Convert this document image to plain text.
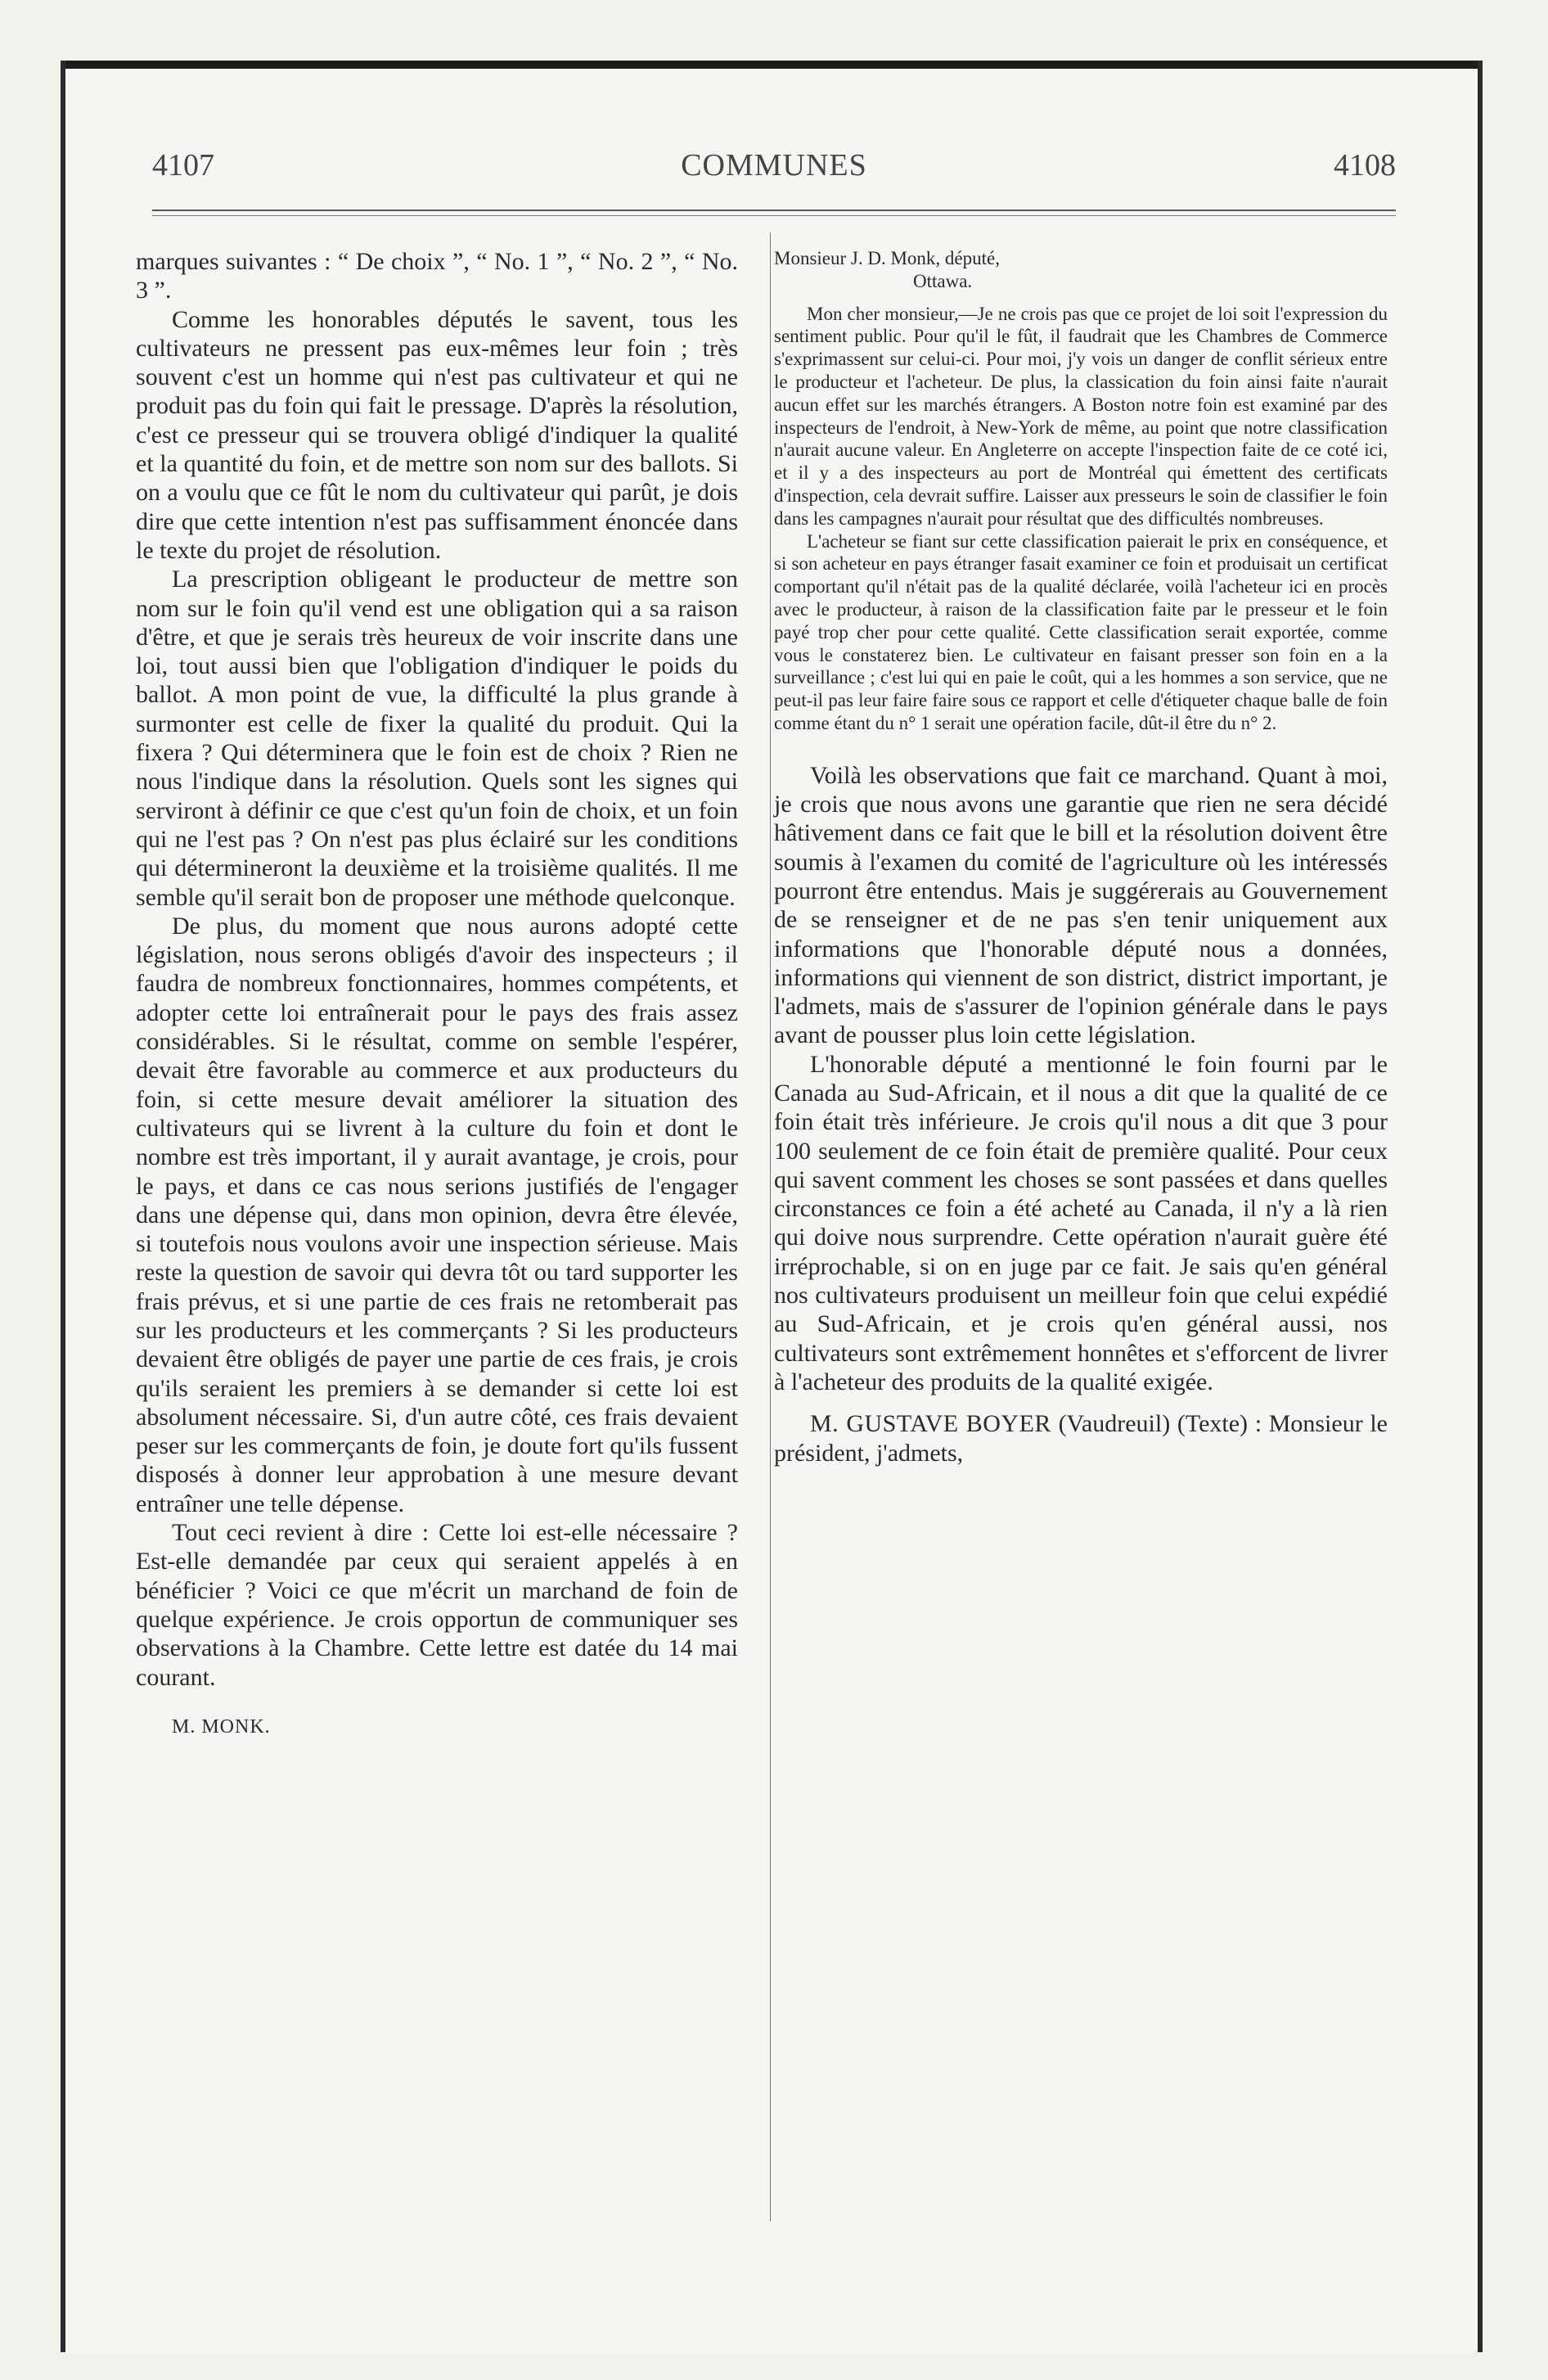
4107	COMMUNES	4108

marques suivantes : “ De choix ”, “ No. 1 ”, “ No. 2 ”, “ No. 3 ”.

Comme les honorables députés le savent, tous les cultivateurs ne pressent pas eux-mêmes leur foin ; très souvent c'est un homme qui n'est pas cultivateur et qui ne produit pas du foin qui fait le pressage. D'après la résolution, c'est ce presseur qui se trouvera obligé d'indiquer la qualité et la quantité du foin, et de mettre son nom sur des ballots. Si on a voulu que ce fût le nom du cultivateur qui parût, je dois dire que cette intention n'est pas suffisamment énoncée dans le texte du projet de résolution.

La prescription obligeant le producteur de mettre son nom sur le foin qu'il vend est une obligation qui a sa raison d'être, et que je serais très heureux de voir inscrite dans une loi, tout aussi bien que l'obligation d'indiquer le poids du ballot. A mon point de vue, la difficulté la plus grande à surmonter est celle de fixer la qualité du produit. Qui la fixera ? Qui déterminera que le foin est de choix ? Rien ne nous l'indique dans la résolution. Quels sont les signes qui serviront à définir ce que c'est qu'un foin de choix, et un foin qui ne l'est pas ? On n'est pas plus éclairé sur les conditions qui détermineront la deuxième et la troisième qualités. Il me semble qu'il serait bon de proposer une méthode quelconque.

De plus, du moment que nous aurons adopté cette législation, nous serons obligés d'avoir des inspecteurs ; il faudra de nombreux fonctionnaires, hommes compétents, et adopter cette loi entraînerait pour le pays des frais assez considérables. Si le résultat, comme on semble l'espérer, devait être favorable au commerce et aux producteurs du foin, si cette mesure devait améliorer la situation des cultivateurs qui se livrent à la culture du foin et dont le nombre est très important, il y aurait avantage, je crois, pour le pays, et dans ce cas nous serions justifiés de l'engager dans une dépense qui, dans mon opinion, devra être élevée, si toutefois nous voulons avoir une inspection sérieuse. Mais reste la question de savoir qui devra tôt ou tard supporter les frais prévus, et si une partie de ces frais ne retomberait pas sur les producteurs et les commerçants ? Si les producteurs devaient être obligés de payer une partie de ces frais, je crois qu'ils seraient les premiers à se demander si cette loi est absolument nécessaire. Si, d'un autre côté, ces frais devaient peser sur les commerçants de foin, je doute fort qu'ils fussent disposés à donner leur approbation à une mesure devant entraîner une telle dépense.

Tout ceci revient à dire : Cette loi est-elle nécessaire ? Est-elle demandée par ceux qui seraient appelés à en bénéficier ? Voici ce que m'écrit un marchand de foin de quelque expérience. Je crois opportun de communiquer ses observations à la Chambre. Cette lettre est datée du 14 mai courant.

M. MONK.
Monsieur J. D. Monk, député,
Ottawa.

Mon cher monsieur,—Je ne crois pas que ce projet de loi soit l'expression du sentiment public. Pour qu'il le fût, il faudrait que les Chambres de Commerce s'exprimassent sur celui-ci. Pour moi, j'y vois un danger de conflit sérieux entre le producteur et l'acheteur. De plus, la classication du foin ainsi faite n'aurait aucun effet sur les marchés étrangers. A Boston notre foin est examiné par des inspecteurs de l'endroit, à New-York de même, au point que notre classification n'aurait aucune valeur. En Angleterre on accepte l'inspection faite de ce coté ici, et il y a des inspecteurs au port de Montréal qui émettent des certificats d'inspection, cela devrait suffire. Laisser aux presseurs le soin de classifier le foin dans les campagnes n'aurait pour résultat que des difficultés nombreuses.

L'acheteur se fiant sur cette classification paierait le prix en conséquence, et si son acheteur en pays étranger fasait examiner ce foin et produisait un certificat comportant qu'il n'était pas de la qualité déclarée, voilà l'acheteur ici en procès avec le producteur, à raison de la classification faite par le presseur et le foin payé trop cher pour cette qualité. Cette classification serait exportée, comme vous le constaterez bien. Le cultivateur en faisant presser son foin en a la surveillance ; c'est lui qui en paie le coût, qui a les hommes a son service, que ne peut-il pas leur faire faire sous ce rapport et celle d'étiqueter chaque balle de foin comme étant du n° 1 serait une opération facile, dût-il être du n° 2.

Voilà les observations que fait ce marchand. Quant à moi, je crois que nous avons une garantie que rien ne sera décidé hâtivement dans ce fait que le bill et la résolution doivent être soumis à l'examen du comité de l'agriculture où les intéressés pourront être entendus. Mais je suggérerais au Gouvernement de se renseigner et de ne pas s'en tenir uniquement aux informations que l'honorable député nous a données, informations qui viennent de son district, district important, je l'admets, mais de s'assurer de l'opinion générale dans le pays avant de pousser plus loin cette législation.

L'honorable député a mentionné le foin fourni par le Canada au Sud-Africain, et il nous a dit que la qualité de ce foin était très inférieure. Je crois qu'il nous a dit que 3 pour 100 seulement de ce foin était de première qualité. Pour ceux qui savent comment les choses se sont passées et dans quelles circonstances ce foin a été acheté au Canada, il n'y a là rien qui doive nous surprendre. Cette opération n'aurait guère été irréprochable, si on en juge par ce fait. Je sais qu'en général nos cultivateurs produisent un meilleur foin que celui expédié au Sud-Africain, et je crois qu'en général aussi, nos cultivateurs sont extrêmement honnêtes et s'efforcent de livrer à l'acheteur des produits de la qualité exigée.

M. GUSTAVE BOYER (Vaudreuil) (Texte) : Monsieur le président, j'admets,
